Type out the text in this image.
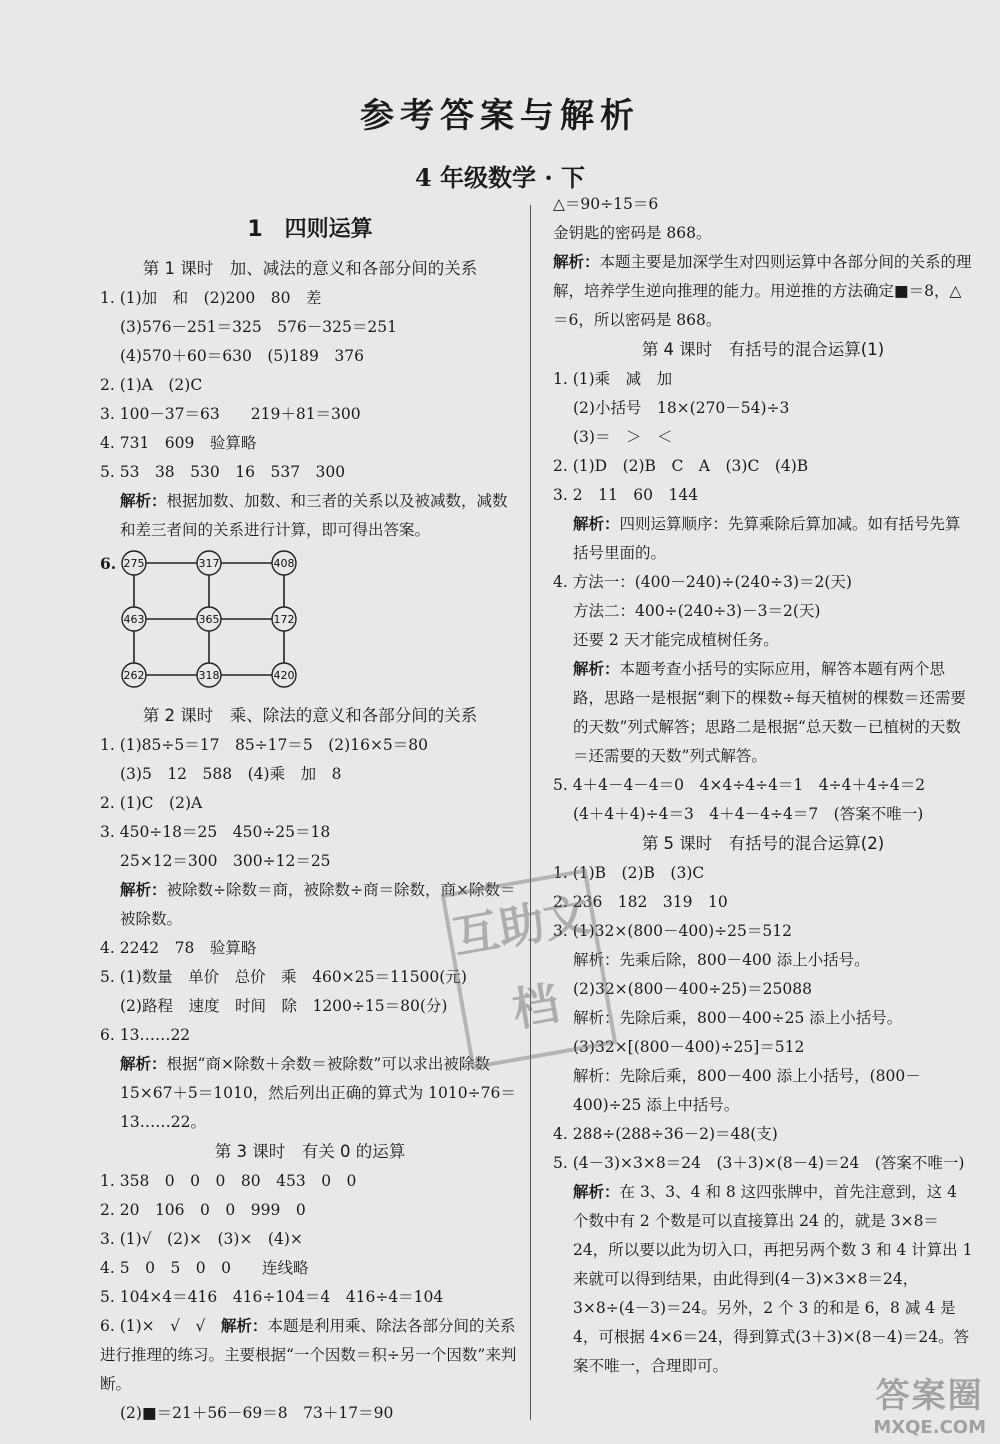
参考答案与解析
4 年级数学 · 下
1　四则运算
第 1 课时　加、减法的意义和各部分间的关系
1. (1)加　和　(2)200　80　差
(3)576－251＝325　576－325＝251
(4)570＋60＝630　(5)189　376
2. (1)A　(2)C
3. 100－37＝63　　219＋81＝300
4. 731　609　验算略
5. 53　38　530　16　537　300
解析：根据加数、加数、和三者的关系以及被减数，减数和差三者间的关系进行计算，即可得出答案。
6. 275	317	408
463	365	172
262	318	420
第 2 课时　乘、除法的意义和各部分间的关系
1. (1)85÷5＝17　85÷17＝5　(2)16×5＝80
(3)5　12　588　(4)乘　加　8
2. (1)C　(2)A
3. 450÷18＝25　450÷25＝18
25×12＝300　300÷12＝25
解析：被除数÷除数＝商，被除数÷商＝除数，商×除数＝被除数。
4. 2242　78　验算略
5. (1)数量　单价　总价　乘　460×25＝11500(元)
(2)路程　速度　时间　除　1200÷15＝80(分)
6. 13……22
解析：根据“商×除数＋余数＝被除数”可以求出被除数 15×67＋5＝1010，然后列出正确的算式为 1010÷76＝13……22。
第 3 课时　有关 0 的运算
1. 358　0　0　0　80　453　0　0
2. 20　106　0　0　999　0
3. (1)√　(2)×　(3)×　(4)×
4. 5　0　5　0　0　　连线略
5. 104×4＝416　416÷104＝4　416÷4＝104
6. (1)×　√　√　解析：本题是利用乘、除法各部分间的关系进行推理的练习。主要根据“一个因数＝积÷另一个因数”来判断。
(2)■＝21＋56－69＝8　73＋17＝90
△＝90÷15＝6
金钥匙的密码是 868。
解析：本题主要是加深学生对四则运算中各部分间的关系的理解，培养学生逆向推理的能力。用逆推的方法确定■＝8，△＝6，所以密码是 868。
第 4 课时　有括号的混合运算(1)
1. (1)乘　减　加
(2)小括号　18×(270－54)÷3
(3)＝　＞　＜
2. (1)D　(2)B　C　A　(3)C　(4)B
3. 2　11　60　144
解析：四则运算顺序：先算乘除后算加减。如有括号先算括号里面的。
4. 方法一：(400－240)÷(240÷3)＝2(天)
方法二：400÷(240÷3)－3＝2(天)
还要 2 天才能完成植树任务。
解析：本题考查小括号的实际应用，解答本题有两个思路，思路一是根据“剩下的棵数÷每天植树的棵数＝还需要的天数”列式解答；思路二是根据“总天数－已植树的天数＝还需要的天数”列式解答。
5. 4＋4－4－4＝0　4×4÷4÷4＝1　4÷4＋4÷4＝2
(4＋4＋4)÷4＝3　4＋4－4÷4＝7　(答案不唯一)
第 5 课时　有括号的混合运算(2)
1. (1)B　(2)B　(3)C
2. 236　182　319　10
3. (1)32×(800－400)÷25＝512
解析：先乘后除，800－400 添上小括号。
(2)32×(800－400÷25)＝25088
解析：先除后乘，800－400÷25 添上小括号。
(3)32×[(800－400)÷25]＝512
解析：先除后乘，800－400 添上小括号，(800－400)÷25 添上中括号。
4. 288÷(288÷36－2)＝48(支)
5. (4－3)×3×8＝24　(3＋3)×(8－4)＝24　(答案不唯一)
解析：在 3、3、4 和 8 这四张牌中，首先注意到，这 4 个数中有 2 个数是可以直接算出 24 的，就是 3×8＝24，所以要以此为切入口，再把另两个数 3 和 4 计算出 1 来就可以得到结果，由此得到(4－3)×3×8＝24，3×8÷(4－3)＝24。另外，2 个 3 的和是 6，8 减 4 是 4，可根据 4×6＝24，得到算式(3＋3)×(8－4)＝24。答案不唯一，合理即可。
互助文档
答案圈
MXQE.COM
